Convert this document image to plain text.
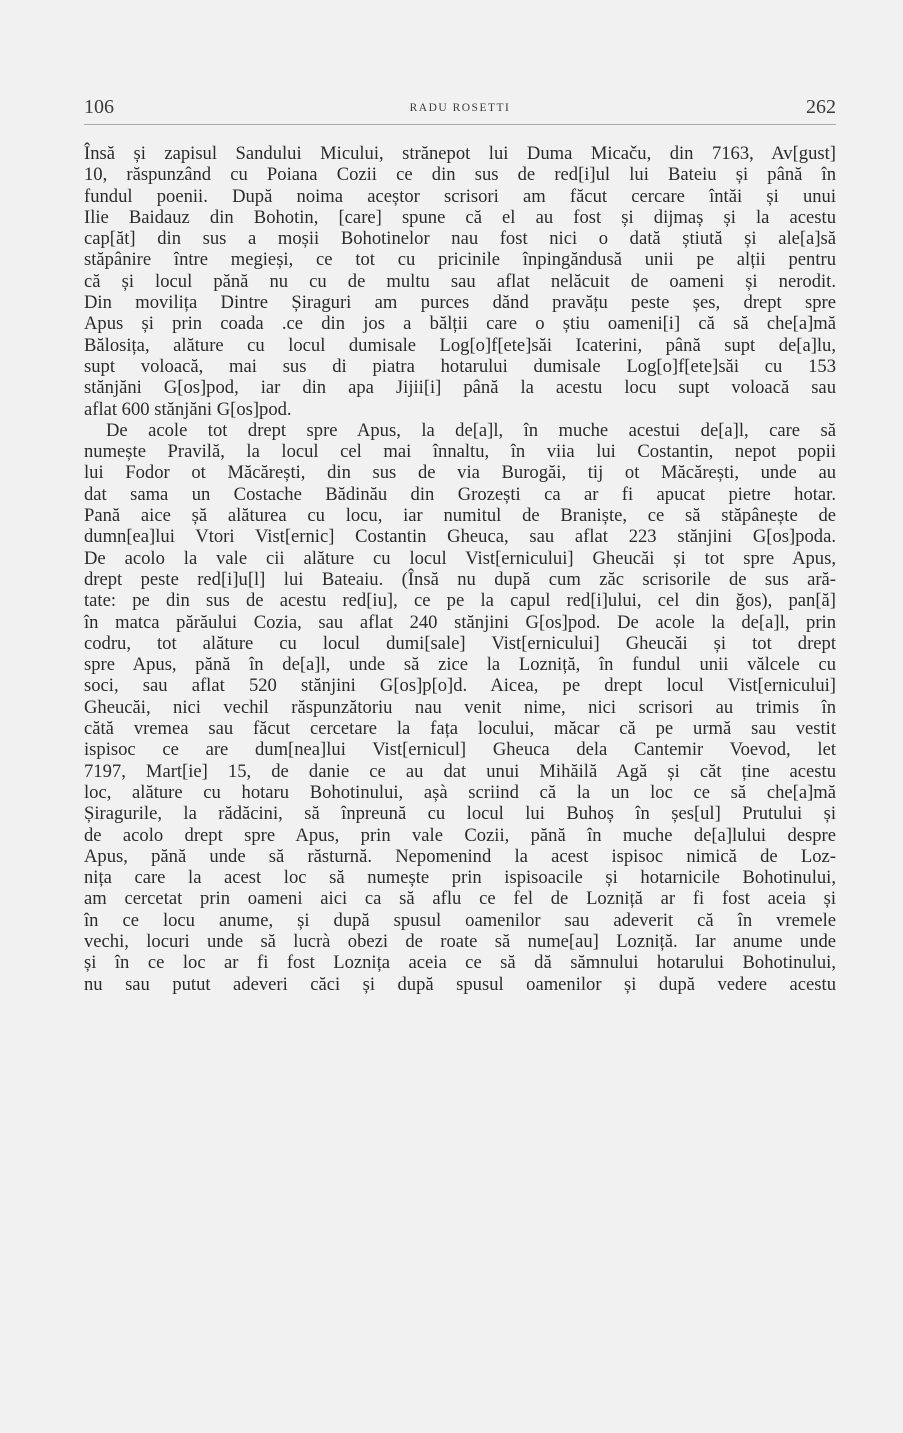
106	RADU ROSETTI	262
Însă și zapisul Sandului Micului, strănepot lui Duma Micaču, din 7163, Av[gust]
10, răspunzând cu Poiana Cozii ce din sus de red[i]ul lui Bateiu și până în
fundul poenii. După noima aceștor scrisori am făcut cercare întăi și unui
Ilie Baidauz din Bohotin, [care] spune că el au fost și dijmaș și la acestu
cap[ăt] din sus a moșii Bohotinelor nau fost nici o dată știută și ale[a]să
stăpânire între megieși, ce tot cu pricinile înpingăndusă unii pe alții pentru
că și locul pănă nu cu de multu sau aflat nelăcuit de oameni și nerodit.
Din movilița Dintre Șiraguri am purces dănd pravățu peste șes, drept spre
Apus și prin coada .ce din jos a bălții care o știu oameni[i] că să che[a]mă
Bălosița, alăture cu locul dumisale Log[o]f[ete]săi Icaterini, până supt de[a]lu,
supt voloacă, mai sus di piatra hotarului dumisale Log[o]f[ete]săi cu 153
stănjăni G[os]pod, iar din apa Jijii[i] până la acestu locu supt voloacă sau
aflat 600 stănjăni G[os]pod.
De acole tot drept spre Apus, la de[a]l, în muche acestui de[a]l, care să
numește Pravilă, la locul cel mai înnaltu, în viia lui Costantin, nepot popii
lui Fodor ot Măcărești, din sus de via Burogăi, tij ot Măcărești, unde au
dat sama un Costache Bădinău din Grozești ca ar fi apucat pietre hotar.
Pană aice șă alăturea cu locu, iar numitul de Braniște, ce să stăpânește de
dumn[ea]lui Vtori Vist[ernic] Costantin Gheuca, sau aflat 223 stănjini G[os]poda.
De acolo la vale cii alăture cu locul Vist[ernicului] Gheucăi și tot spre Apus,
drept peste red[i]u[l] lui Bateaiu. (Însă nu după cum zăc scrisorile de sus ară-
tate: pe din sus de acestu red[iu], ce pe la capul red[i]ului, cel din ğos), pan[ă]
în matca părăului Cozia, sau aflat 240 stănjini G[os]pod. De acole la de[a]l, prin
codru, tot alăture cu locul dumi[sale] Vist[ernicului] Gheucăi și tot drept
spre Apus, pănă în de[a]l, unde să zice la Lozniță, în fundul unii vălcele cu
soci, sau aflat 520 stănjini G[os]p[o]d. Aicea, pe drept locul Vist[ernicului]
Gheucăi, nici vechil răspunzătoriu nau venit nime, nici scrisori au trimis în
cătă vremea sau făcut cercetare la fața locului, măcar că pe urmă sau vestit
ispisoc ce are dum[nea]lui Vist[ernicul] Gheuca dela Cantemir Voevod, let
7197, Mart[ie] 15, de danie ce au dat unui Mihăilă Agă și căt ține acestu
loc, alăture cu hotaru Bohotinului, așà scriind că la un loc ce să che[a]mă
Șiragurile, la rădăcini, să înpreună cu locul lui Buhoș în șes[ul] Prutului și
de acolo drept spre Apus, prin vale Cozii, pănă în muche de[a]lului despre
Apus, pănă unde să răsturnă. Nepomenind la acest ispisoc nimică de Loz-
nița care la acest loc să numește prin ispisoacile și hotarnicile Bohotinului,
am cercetat prin oameni aici ca să aflu ce fel de Lozniță ar fi fost aceia și
în ce locu anume, și după spusul oamenilor sau adeverit că în vremele
vechi, locuri unde să lucrà obezi de roate să nume[au] Lozniță. Iar anume unde
și în ce loc ar fi fost Loznița aceia ce să dă sămnului hotarului Bohotinului,
nu sau putut adeveri căci și după spusul oamenilor și după vedere acestu
